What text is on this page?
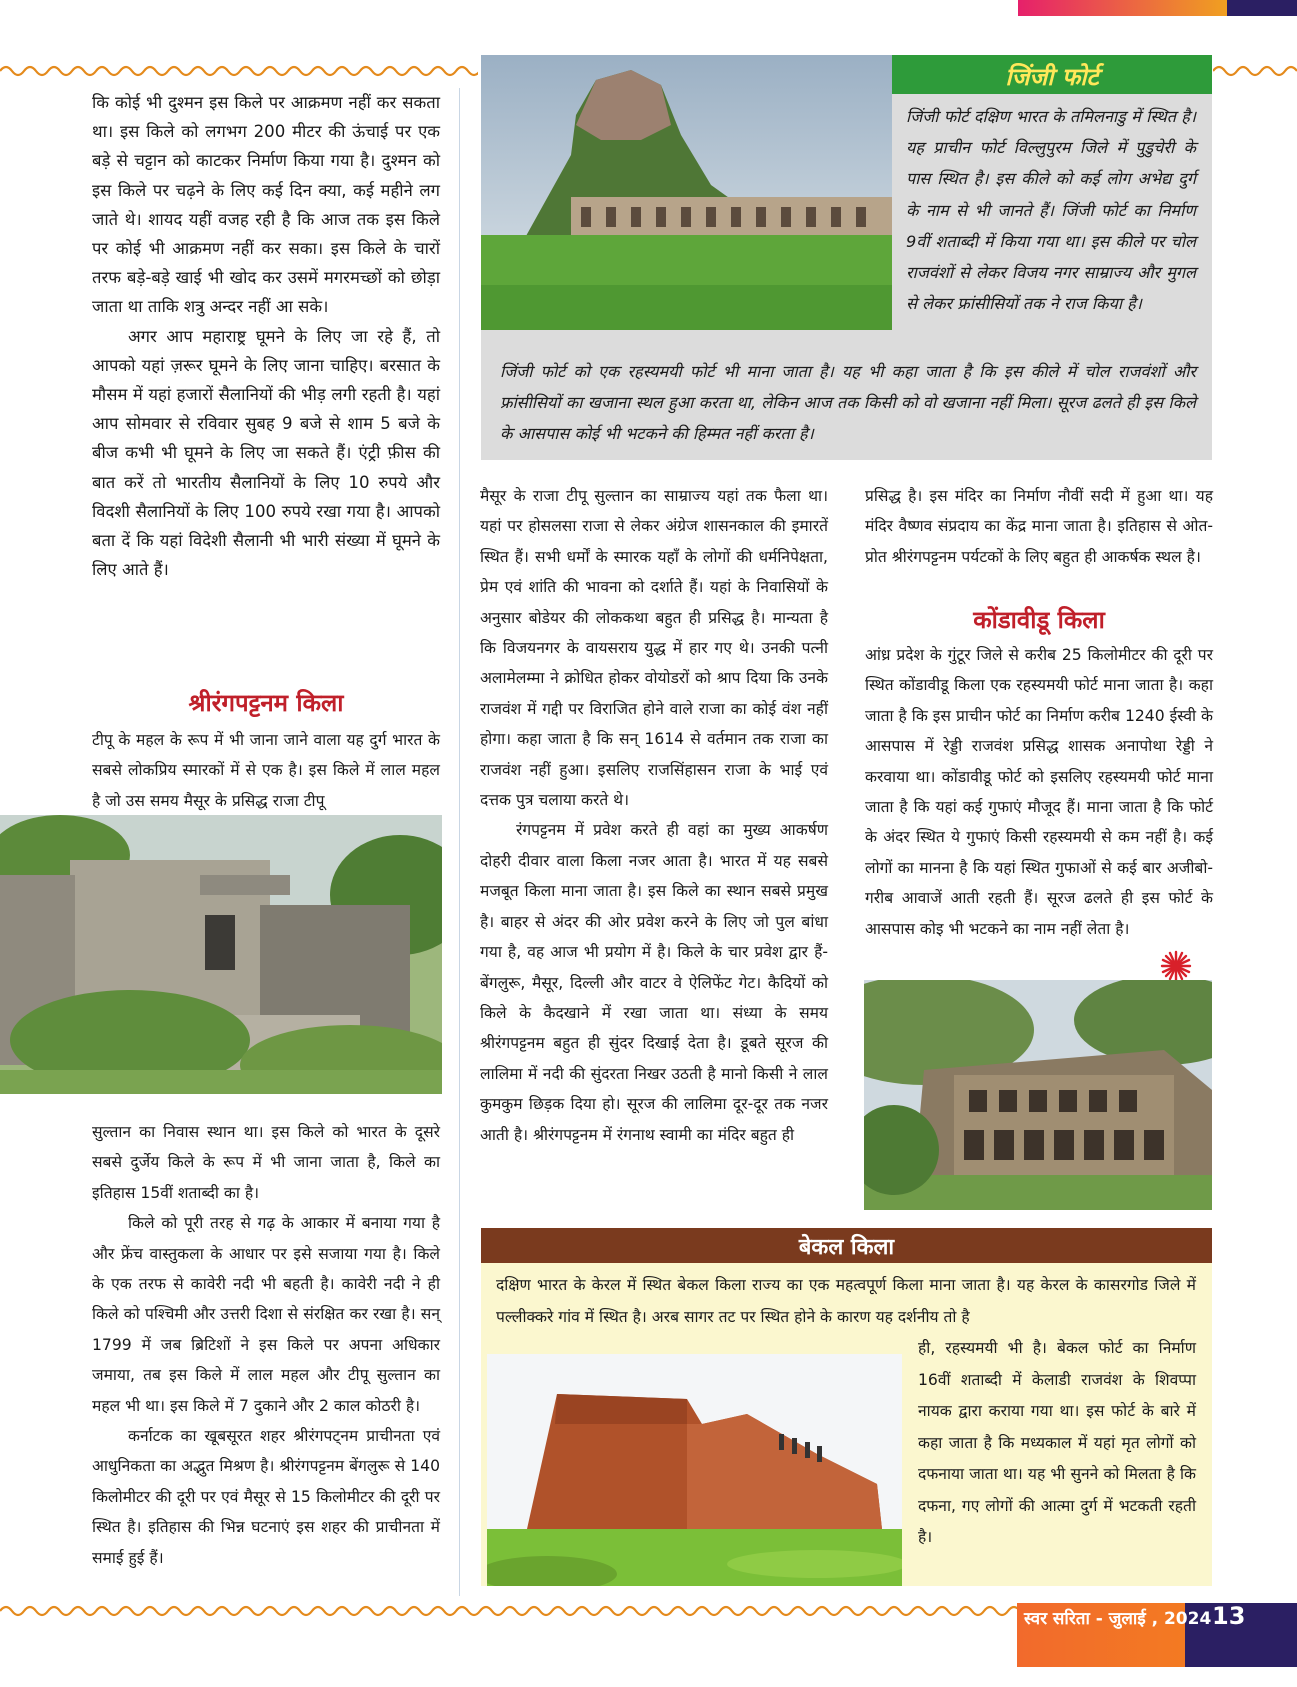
कि कोई भी दुश्मन इस किले पर आक्रमण नहीं कर सकता था। इस किले को लगभग 200 मीटर की ऊंचाई पर एक बड़े से चट्टान को काटकर निर्माण किया गया है। दुश्मन को इस किले पर चढ़ने के लिए कई दिन क्या, कई महीने लग जाते थे। शायद यहीं वजह रही है कि आज तक इस किले पर कोई भी आक्रमण नहीं कर सका। इस किले के चारों तरफ बड़े-बड़े खाई भी खोद कर उसमें मगरमच्छों को छोड़ा जाता था ताकि शत्रु अन्दर नहीं आ सके।

अगर आप महाराष्ट्र घूमने के लिए जा रहे हैं, तो आपको यहां ज़रूर घूमने के लिए जाना चाहिए। बरसात के मौसम में यहां हजारों सैलानियों की भीड़ लगी रहती है। यहां आप सोमवार से रविवार सुबह 9 बजे से शाम 5 बजे के बीज कभी भी घूमने के लिए जा सकते हैं। एंट्री फ़ीस की बात करें तो भारतीय सैलानियों के लिए 10 रुपये और विदशी सैलानियों के लिए 100 रुपये रखा गया है। आपको बता दें कि यहां विदेशी सैलानी भी भारी संख्या में घूमने के लिए आते हैं।

श्रीरंगपट्टनम किला

टीपू के महल के रूप में भी जाना जाने वाला यह दुर्ग भारत के सबसे लोकप्रिय स्मारकों में से एक है। इस किले में लाल महल है जो उस समय मैसूर के प्रसिद्ध राजा टीपू

सुल्तान का निवास स्थान था। इस किले को भारत के दूसरे सबसे दुर्जेय किले के रूप में भी जाना जाता है, किले का इतिहास 15वीं शताब्दी का है।

किले को पूरी तरह से गढ़ के आकार में बनाया गया है और फ्रेंच वास्तुकला के आधार पर इसे सजाया गया है। किले के एक तरफ से कावेरी नदी भी बहती है। कावेरी नदी ने ही किले को पश्चिमी और उत्तरी दिशा से संरक्षित कर रखा है। सन् 1799 में जब ब्रिटिशों ने इस किले पर अपना अधिकार जमाया, तब इस किले में लाल महल और टीपू सुल्तान का महल भी था। इस किले में 7 दुकाने और 2 काल कोठरी है।

कर्नाटक का खूबसूरत शहर श्रीरंगपट्नम प्राचीनता एवं आधुनिकता का अद्भुत मिश्रण है। श्रीरंगपट्टनम बेंगलुरू से 140 किलोमीटर की दूरी पर एवं मैसूर से 15 किलोमीटर की दूरी पर स्थित है। इतिहास की भिन्न घटनाएं इस शहर की प्राचीनता में समाई हुई हैं।

जिंजी फोर्ट
जिंजी फोर्ट दक्षिण भारत के तमिलनाडु में स्थित है। यह प्राचीन फोर्ट विल्लुपुरम जिले में पुडुचेरी के पास स्थित है। इस कीले को कई लोग अभेद्य दुर्ग के नाम से भी जानते हैं। जिंजी फोर्ट का निर्माण 9वीं शताब्दी में किया गया था। इस कीले पर चोल राजवंशों से लेकर विजय नगर साम्राज्य और मुगल से लेकर फ्रांसीसियों तक ने राज किया है।
जिंजी फोर्ट को एक रहस्यमयी फोर्ट भी माना जाता है। यह भी कहा जाता है कि इस कीले में चोल राजवंशों और फ्रांसीसियों का खजाना स्थल हुआ करता था, लेकिन आज तक किसी को वो खजाना नहीं मिला। सूरज ढलते ही इस किले के आसपास कोई भी भटकने की हिम्मत नहीं करता है।

मैसूर के राजा टीपू सुल्तान का साम्राज्य यहां तक फैला था। यहां पर होसलसा राजा से लेकर अंग्रेज शासनकाल की इमारतें स्थित हैं। सभी धर्मों के स्मारक यहाँ के लोगों की धर्मनिपेक्षता, प्रेम एवं शांति की भावना को दर्शाते हैं। यहां के निवासियों के अनुसार बोडेयर की लोककथा बहुत ही प्रसिद्ध है। मान्यता है कि विजयनगर के वायसराय युद्ध में हार गए थे। उनकी पत्नी अलामेलम्मा ने क्रोधित होकर वोयोडरों को श्राप दिया कि उनके राजवंश में गद्दी पर विराजित होने वाले राजा का कोई वंश नहीं होगा। कहा जाता है कि सन् 1614 से वर्तमान तक राजा का राजवंश नहीं हुआ। इसलिए राजसिंहासन राजा के भाई एवं दत्तक पुत्र चलाया करते थे।

रंगपट्टनम में प्रवेश करते ही वहां का मुख्य आकर्षण दोहरी दीवार वाला किला नजर आता है। भारत में यह सबसे मजबूत किला माना जाता है। इस किले का स्थान सबसे प्रमुख है। बाहर से अंदर की ओर प्रवेश करने के लिए जो पुल बांधा गया है, वह आज भी प्रयोग में है। किले के चार प्रवेश द्वार हैं- बेंगलुरू, मैसूर, दिल्ली और वाटर वे ऐलिफेंट गेट। कैदियों को किले के कैदखाने में रखा जाता था। संध्या के समय श्रीरंगपट्टनम बहुत ही सुंदर दिखाई देता है। डूबते सूरज की लालिमा में नदी की सुंदरता निखर उठती है मानो किसी ने लाल कुमकुम छिड़क दिया हो। सूरज की लालिमा दूर-दूर तक नजर आती है। श्रीरंगपट्टनम में रंगनाथ स्वामी का मंदिर बहुत ही

प्रसिद्ध है। इस मंदिर का निर्माण नौवीं सदी में हुआ था। यह मंदिर वैष्णव संप्रदाय का केंद्र माना जाता है। इतिहास से ओत-प्रोत श्रीरंगपट्टनम पर्यटकों के लिए बहुत ही आकर्षक स्थल है।

कोंडावीडू किला

आंध्र प्रदेश के गुंटूर जिले से करीब 25 किलोमीटर की दूरी पर स्थित कोंडावीडू किला एक रहस्यमयी फोर्ट माना जाता है। कहा जाता है कि इस प्राचीन फोर्ट का निर्माण करीब 1240 ईस्वी के आसपास में रेड्डी राजवंश प्रसिद्ध शासक अनापोथा रेड्डी ने करवाया था। कोंडावीडू फोर्ट को इसलिए रहस्यमयी फोर्ट माना जाता है कि यहां कई गुफाएं मौजूद हैं। माना जाता है कि फोर्ट के अंदर स्थित ये गुफाएं किसी रहस्यमयी से कम नहीं है। कई लोगों का मानना है कि यहां स्थित गुफाओं से कई बार अजीबो-गरीब आवाजें आती रहती हैं। सूरज ढलते ही इस फोर्ट के आसपास कोइ भी भटकने का नाम नहीं लेता है।

बेकल किला
दक्षिण भारत के केरल में स्थित बेकल किला राज्य का एक महत्वपूर्ण किला माना जाता है। यह केरल के कासरगोड जिले में पल्लीक्करे गांव में स्थित है। अरब सागर तट पर स्थित होने के कारण यह दर्शनीय तो है
ही, रहस्यमयी भी है। बेकल फोर्ट का निर्माण 16वीं शताब्दी में केलाडी राजवंश के शिवप्पा नायक द्वारा कराया गया था। इस फोर्ट के बारे में कहा जाता है कि मध्यकाल में यहां मृत लोगों को दफनाया जाता था। यह भी सुनने को मिलता है कि दफना, गए लोगों की आत्मा दुर्ग में भटकती रहती है।
स्वर सरिता - जुलाई , 2024 13
